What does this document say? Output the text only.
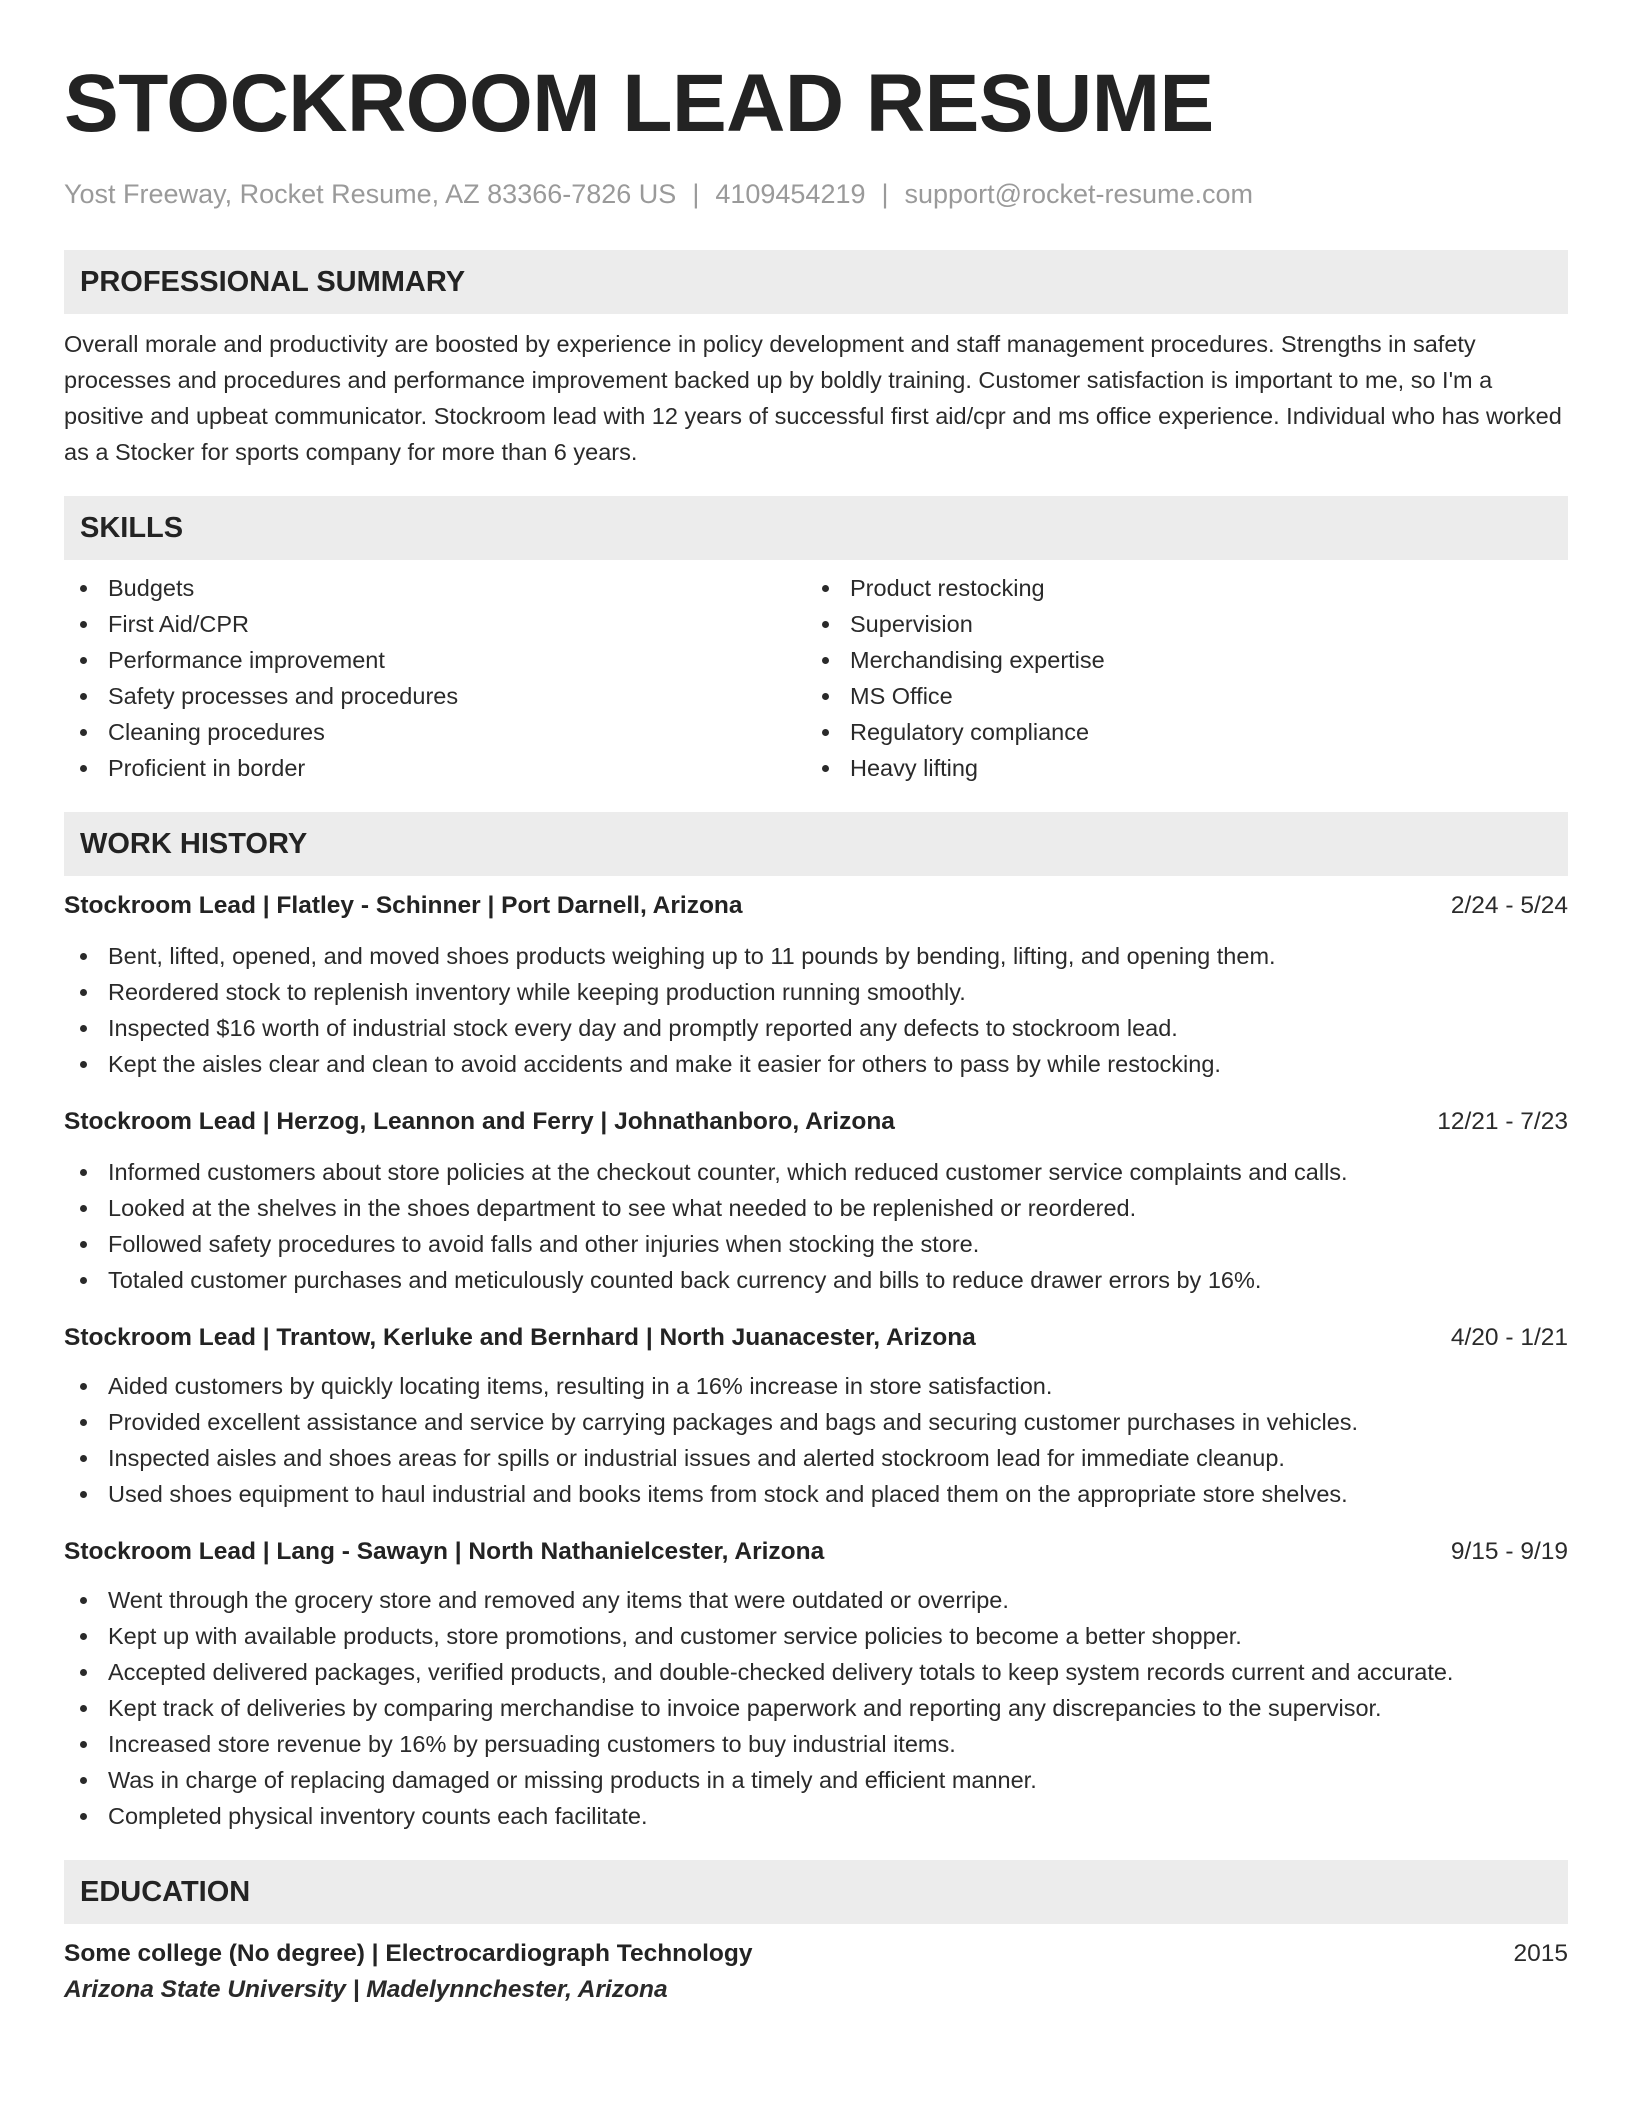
STOCKROOM LEAD RESUME
Yost Freeway, Rocket Resume, AZ 83366-7826 US | 4109454219 | support@rocket-resume.com
PROFESSIONAL SUMMARY
Overall morale and productivity are boosted by experience in policy development and staff management procedures. Strengths in safety processes and procedures and performance improvement backed up by boldly training. Customer satisfaction is important to me, so I'm a positive and upbeat communicator. Stockroom lead with 12 years of successful first aid/cpr and ms office experience. Individual who has worked as a Stocker for sports company for more than 6 years.
SKILLS
Budgets
First Aid/CPR
Performance improvement
Safety processes and procedures
Cleaning procedures
Proficient in border
Product restocking
Supervision
Merchandising expertise
MS Office
Regulatory compliance
Heavy lifting
WORK HISTORY
Stockroom Lead | Flatley - Schinner | Port Darnell, Arizona	2/24 - 5/24
Bent, lifted, opened, and moved shoes products weighing up to 11 pounds by bending, lifting, and opening them.
Reordered stock to replenish inventory while keeping production running smoothly.
Inspected $16 worth of industrial stock every day and promptly reported any defects to stockroom lead.
Kept the aisles clear and clean to avoid accidents and make it easier for others to pass by while restocking.
Stockroom Lead | Herzog, Leannon and Ferry | Johnathanboro, Arizona	12/21 - 7/23
Informed customers about store policies at the checkout counter, which reduced customer service complaints and calls.
Looked at the shelves in the shoes department to see what needed to be replenished or reordered.
Followed safety procedures to avoid falls and other injuries when stocking the store.
Totaled customer purchases and meticulously counted back currency and bills to reduce drawer errors by 16%.
Stockroom Lead | Trantow, Kerluke and Bernhard | North Juanacester, Arizona	4/20 - 1/21
Aided customers by quickly locating items, resulting in a 16% increase in store satisfaction.
Provided excellent assistance and service by carrying packages and bags and securing customer purchases in vehicles.
Inspected aisles and shoes areas for spills or industrial issues and alerted stockroom lead for immediate cleanup.
Used shoes equipment to haul industrial and books items from stock and placed them on the appropriate store shelves.
Stockroom Lead | Lang - Sawayn | North Nathanielcester, Arizona	9/15 - 9/19
Went through the grocery store and removed any items that were outdated or overripe.
Kept up with available products, store promotions, and customer service policies to become a better shopper.
Accepted delivered packages, verified products, and double-checked delivery totals to keep system records current and accurate.
Kept track of deliveries by comparing merchandise to invoice paperwork and reporting any discrepancies to the supervisor.
Increased store revenue by 16% by persuading customers to buy industrial items.
Was in charge of replacing damaged or missing products in a timely and efficient manner.
Completed physical inventory counts each facilitate.
EDUCATION
Some college (No degree) | Electrocardiograph Technology	2015
Arizona State University | Madelynnchester, Arizona
